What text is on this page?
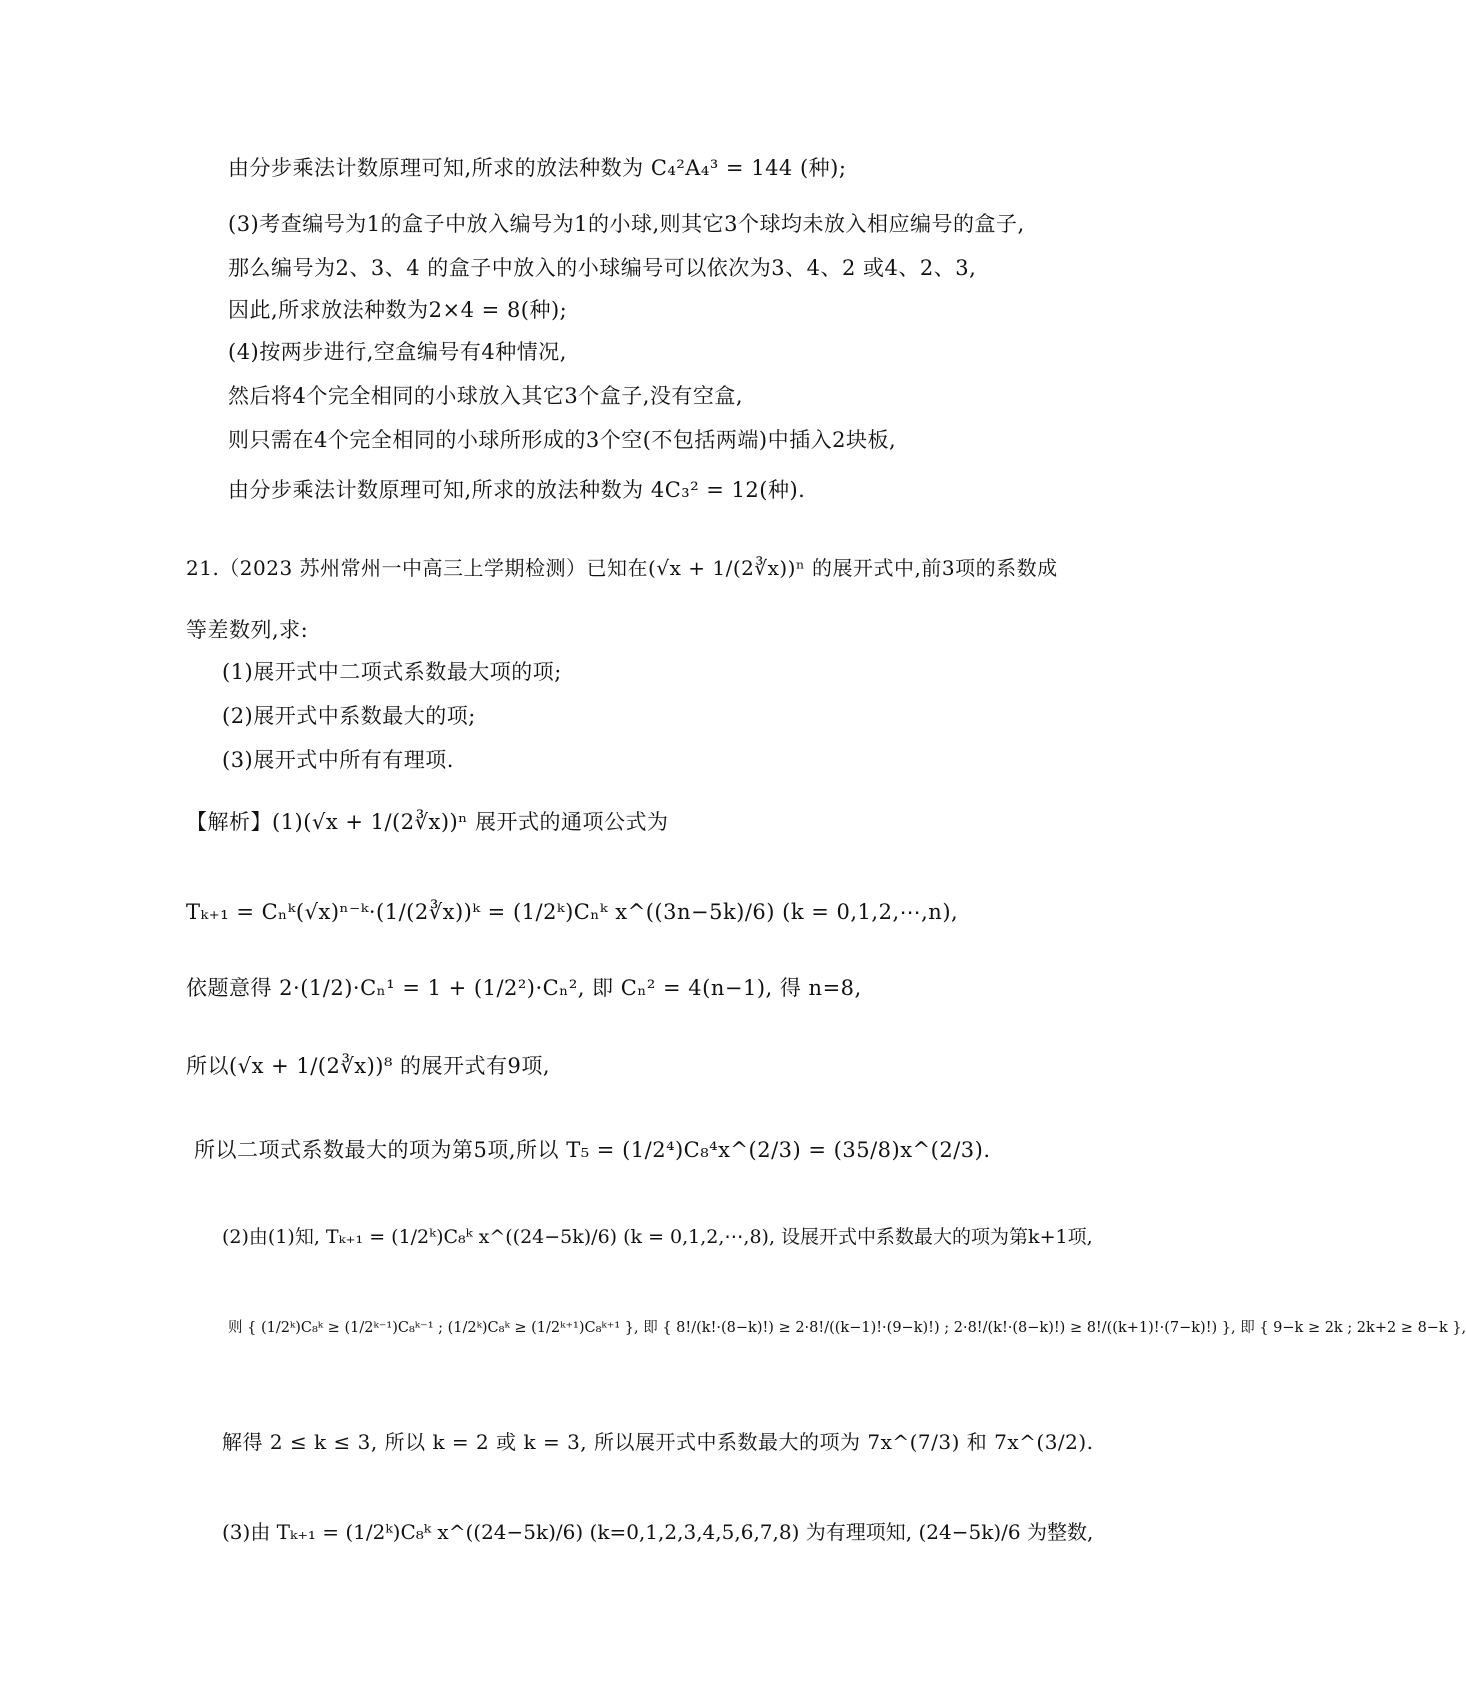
由分步乘法计数原理可知,所求的放法种数为 C₄²A₄³ = 144 (种);
(3)考查编号为1的盒子中放入编号为1的小球,则其它3个球均未放入相应编号的盒子,
那么编号为2、3、4 的盒子中放入的小球编号可以依次为3、4、2 或4、2、3,
因此,所求放法种数为2×4 = 8(种);
(4)按两步进行,空盒编号有4种情况,
然后将4个完全相同的小球放入其它3个盒子,没有空盒,
则只需在4个完全相同的小球所形成的3个空(不包括两端)中插入2块板,
由分步乘法计数原理可知,所求的放法种数为 4C₃² = 12(种).
21.（2023 苏州常州一中高三上学期检测）已知在(√x + 1/(2∛x))ⁿ 的展开式中,前3项的系数成
等差数列,求:
(1)展开式中二项式系数最大项的项;
(2)展开式中系数最大的项;
(3)展开式中所有有理项.
【解析】(1)(√x + 1/(2∛x))ⁿ 展开式的通项公式为
Tₖ₊₁ = Cₙᵏ(√x)ⁿ⁻ᵏ·(1/(2∛x))ᵏ = (1/2ᵏ)Cₙᵏ x^((3n−5k)/6) (k = 0,1,2,⋯,n),
依题意得 2·(1/2)·Cₙ¹ = 1 + (1/2²)·Cₙ², 即 Cₙ² = 4(n−1), 得 n=8,
所以(√x + 1/(2∛x))⁸ 的展开式有9项,
所以二项式系数最大的项为第5项,所以 T₅ = (1/2⁴)C₈⁴x^(2/3) = (35/8)x^(2/3).
(2)由(1)知, Tₖ₊₁ = (1/2ᵏ)C₈ᵏ x^((24−5k)/6) (k = 0,1,2,⋯,8), 设展开式中系数最大的项为第k+1项,
则 { (1/2ᵏ)C₈ᵏ ≥ (1/2ᵏ⁻¹)C₈ᵏ⁻¹ ; (1/2ᵏ)C₈ᵏ ≥ (1/2ᵏ⁺¹)C₈ᵏ⁺¹ }, 即 { 8!/(k!·(8−k)!) ≥ 2·8!/((k−1)!·(9−k)!) ; 2·8!/(k!·(8−k)!) ≥ 8!/((k+1)!·(7−k)!) }, 即 { 9−k ≥ 2k ; 2k+2 ≥ 8−k },
解得 2 ≤ k ≤ 3, 所以 k = 2 或 k = 3, 所以展开式中系数最大的项为 7x^(7/3) 和 7x^(3/2).
(3)由 Tₖ₊₁ = (1/2ᵏ)C₈ᵏ x^((24−5k)/6) (k=0,1,2,3,4,5,6,7,8) 为有理项知, (24−5k)/6 为整数,
